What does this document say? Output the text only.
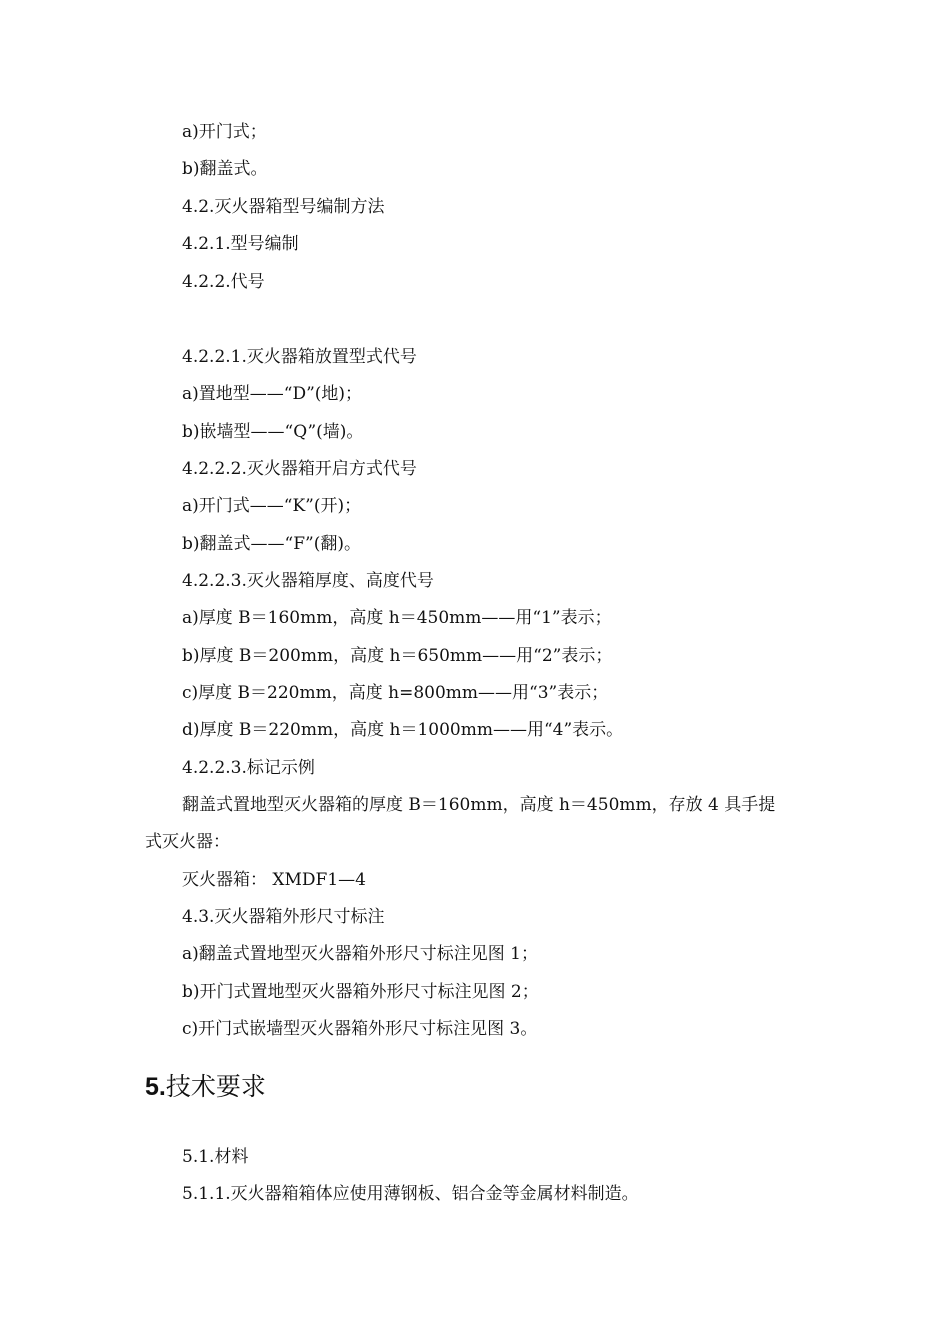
a)开门式；
b)翻盖式。
4.2.灭火器箱型号编制方法
4.2.1.型号编制
4.2.2.代号
4.2.2.1.灭火器箱放置型式代号
a)置地型——“D”(地)；
b)嵌墙型——“Q”(墙)。
4.2.2.2.灭火器箱开启方式代号
a)开门式——“K”(开)；
b)翻盖式——“F”(翻)。
4.2.2.3.灭火器箱厚度、高度代号
a)厚度 B＝160mm，高度 h＝450mm——用“1”表示；
b)厚度 B＝200mm，高度 h＝650mm——用“2”表示；
c)厚度 B＝220mm，高度 h=800mm——用“3”表示；
d)厚度 B＝220mm，高度 h＝1000mm——用“4”表示。
4.2.2.3.标记示例
翻盖式置地型灭火器箱的厚度 B＝160mm，高度 h＝450mm，存放 4 具手提
式灭火器：
灭火器箱： XMDF1—4
4.3.灭火器箱外形尺寸标注
a)翻盖式置地型灭火器箱外形尺寸标注见图 1；
b)开门式置地型灭火器箱外形尺寸标注见图 2；
c)开门式嵌墙型灭火器箱外形尺寸标注见图 3。
5.技术要求
5.1.材料
5.1.1.灭火器箱箱体应使用薄钢板、铝合金等金属材料制造。
